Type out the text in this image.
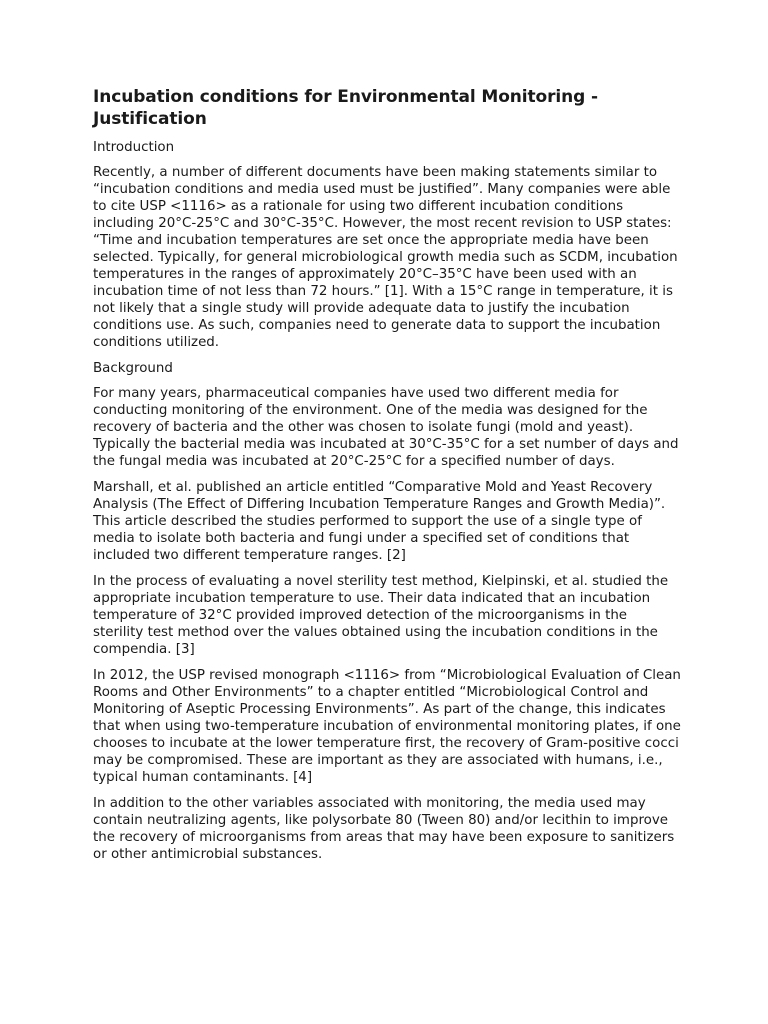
Incubation conditions for Environmental Monitoring - Justification
Introduction

Recently, a number of different documents have been making statements similar to “incubation conditions and media used must be justified”. Many companies were able to cite USP <1116> as a rationale for using two different incubation conditions including 20°C-25°C and 30°C-35°C. However, the most recent revision to USP states: “Time and incubation temperatures are set once the appropriate media have been selected. Typically, for general microbiological growth media such as SCDM, incubation temperatures in the ranges of approximately 20°C–35°C have been used with an incubation time of not less than 72 hours.” [1]. With a 15°C range in temperature, it is not likely that a single study will provide adequate data to justify the incubation conditions use. As such, companies need to generate data to support the incubation conditions utilized.

Background

For many years, pharmaceutical companies have used two different media for conducting monitoring of the environment. One of the media was designed for the recovery of bacteria and the other was chosen to isolate fungi (mold and yeast). Typically the bacterial media was incubated at 30°C-35°C for a set number of days and the fungal media was incubated at 20°C-25°C for a specified number of days.

Marshall, et al. published an article entitled “Comparative Mold and Yeast Recovery Analysis (The Effect of Differing Incubation Temperature Ranges and Growth Media)”. This article described the studies performed to support the use of a single type of media to isolate both bacteria and fungi under a specified set of conditions that included two different temperature ranges. [2]

In the process of evaluating a novel sterility test method, Kielpinski, et al. studied the appropriate incubation temperature to use. Their data indicated that an incubation temperature of 32°C provided improved detection of the microorganisms in the sterility test method over the values obtained using the incubation conditions in the compendia. [3]

In 2012, the USP revised monograph <1116> from “Microbiological Evaluation of Clean Rooms and Other Environments” to a chapter entitled “Microbiological Control and Monitoring of Aseptic Processing Environments”. As part of the change, this indicates that when using two-temperature incubation of environmental monitoring plates, if one chooses to incubate at the lower temperature first, the recovery of Gram-positive cocci may be compromised. These are important as they are associated with humans, i.e., typical human contaminants. [4]

In addition to the other variables associated with monitoring, the media used may contain neutralizing agents, like polysorbate 80 (Tween 80) and/or lecithin to improve the recovery of microorganisms from areas that may have been exposure to sanitizers or other antimicrobial substances.
